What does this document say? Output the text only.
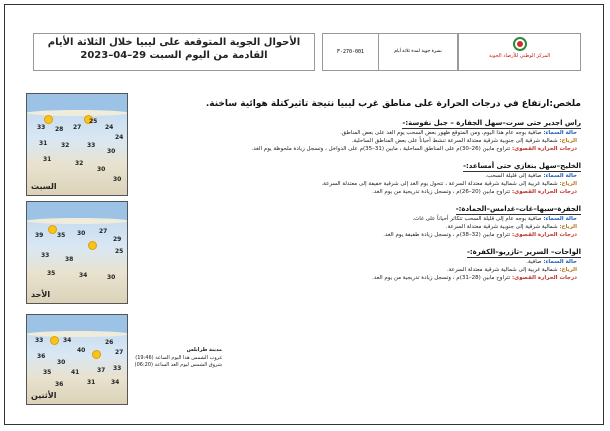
الأحوال الجوية المتوقعة على ليبيا خلال الثلاثة الأيام
القادمة من اليوم السبت 29–04–2023	F-270-001	نشرة جوية لمدة ثلاثة أيام
المركز الوطني للأرصاد الجوية
33 28 27
25
24
24
31 32	33
30
31
32
30
30
السبت
39 35 30 27
29
25
33
38
35	34	30
الأحد
33	34
40
36
26
27
30
35	41	37 33
36	31	34
الأثنين
مدينة طرابلس
غروب الشمس هذا اليوم الساعة (19:46)
شروق الشمس ليوم الغد الساعة (06:20)
ملخص:ارتفاع في درجات الحرارة على مناطق غرب ليبيا نتيجة تاثيركتلة هوائية ساخنة.
راس اجدير حتى سرت–سهل الجفارة – جبل نفوسة:-
حالة السماء: صافية بوجه عام هذا اليوم، ومن المتوقع ظهور بعض السحب يوم الغد على بعض المناطق.
الرياح: شمالية شرقية إلى جنوبية شرقية معتدلة السرعة تنشط أحياناً على بعض المناطق الساحلية.
درجات الحرارة القصوى: تتراوح مابين (26–30)م على المناطق الساحلية ، مابين (31–35)م على الدواخل ، وتسجل زيادة ملحوظة يوم الغد.
الخليج–سهل بنغازي حتى أمساعد:-
حالة السماء: صافية إلى قليلة السحب.
الرياح: شمالية غربية إلى شمالية شرقية معتدلة السرعة ، تتحول يوم الغد إلى شرقية خفيفة إلى معتدلة السرعة.
درجات الحرارة القصوى: تتراوح مابين (20–26)م ، وتسجل زيادة تدريجية من يوم الغد.
الجفرة–سبها–غات–غدامس–الحمادة:-
حالة السماء: صافية بوجه عام إلى قليلة السحب تتكاثر أحياناً على غات.
الرياح: شمالية شرقية إلى جنوبية شرقية معتدلة السرعة.
درجات الحرارة القصوى: تتراوح مابين (32–38)م ، وتسجل زيادة طفيفة يوم الغد.
الواحات– السرير –تازربو–الكفرة:-
حالة السماء: صافية.
الرياح: شمالية غربية إلى شمالية شرقية معتدلة السرعة.
درجات الحرارة القصوى: تتراوح مابين (28–31)م ، وتسجل زيادة تدريجية من يوم الغد.
